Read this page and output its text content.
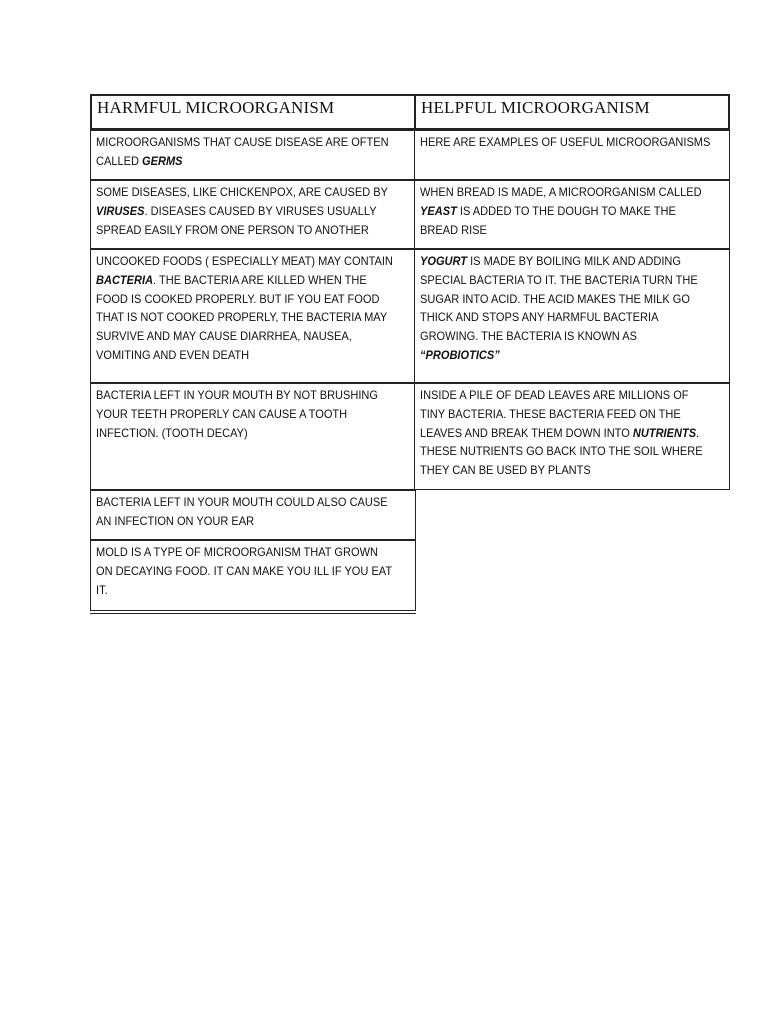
HARMFUL MICROORGANISM	HELPFUL MICROORGANISM
MICROORGANISMS THAT CAUSE DISEASE ARE OFTEN
CALLED GERMS
HERE ARE EXAMPLES OF USEFUL MICROORGANISMS
SOME DISEASES, LIKE CHICKENPOX, ARE CAUSED BY
VIRUSES. DISEASES CAUSED BY VIRUSES USUALLY
SPREAD EASILY FROM ONE PERSON TO ANOTHER
WHEN BREAD IS MADE, A MICROORGANISM CALLED
YEAST IS ADDED TO THE DOUGH TO MAKE THE
BREAD RISE
UNCOOKED FOODS ( ESPECIALLY MEAT) MAY CONTAIN
BACTERIA. THE BACTERIA ARE KILLED WHEN THE
FOOD IS COOKED PROPERLY. BUT IF YOU EAT FOOD
THAT IS NOT COOKED PROPERLY, THE BACTERIA MAY
SURVIVE AND MAY CAUSE DIARRHEA, NAUSEA,
VOMITING AND EVEN DEATH
YOGURT IS MADE BY BOILING MILK AND ADDING
SPECIAL BACTERIA TO IT. THE BACTERIA TURN THE
SUGAR INTO ACID. THE ACID MAKES THE MILK GO
THICK AND STOPS ANY HARMFUL BACTERIA
GROWING. THE BACTERIA IS KNOWN AS
“PROBIOTICS”
BACTERIA LEFT IN YOUR MOUTH BY NOT BRUSHING
YOUR TEETH PROPERLY CAN CAUSE A TOOTH
INFECTION. (TOOTH DECAY)
INSIDE A PILE OF DEAD LEAVES ARE MILLIONS OF
TINY BACTERIA. THESE BACTERIA FEED ON THE
LEAVES AND BREAK THEM DOWN INTO NUTRIENTS.
THESE NUTRIENTS GO BACK INTO THE SOIL WHERE
THEY CAN BE USED BY PLANTS
BACTERIA LEFT IN YOUR MOUTH COULD ALSO CAUSE
AN INFECTION ON YOUR EAR
MOLD IS A TYPE OF MICROORGANISM THAT GROWN
ON DECAYING FOOD. IT CAN MAKE YOU ILL IF YOU EAT
IT.
